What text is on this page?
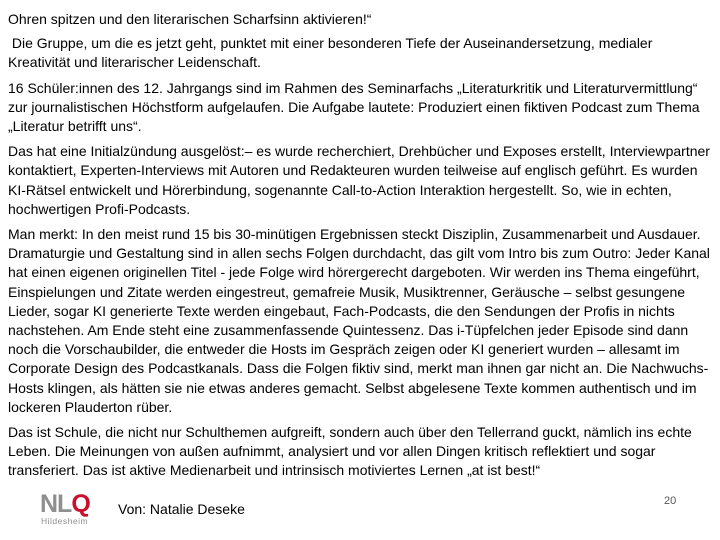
Ohren spitzen und den literarischen Scharfsinn aktivieren!“

Die Gruppe, um die es jetzt geht, punktet mit einer besonderen Tiefe der Auseinandersetzung, medialer Kreativität und literarischer Leidenschaft.

16 Schüler:innen des 12. Jahrgangs sind im Rahmen des Seminarfachs „Literaturkritik und Literaturvermittlung“ zur journalistischen Höchstform aufgelaufen. Die Aufgabe lautete: Produziert einen fiktiven Podcast zum Thema „Literatur betrifft uns“.

Das hat eine Initialzündung ausgelöst:– es wurde recherchiert, Drehbücher und Exposes erstellt, Interviewpartner kontaktiert, Experten-Interviews mit Autoren und Redakteuren wurden teilweise auf englisch geführt. Es wurden KI-Rätsel entwickelt und Hörerbindung, sogenannte Call-to-Action Interaktion hergestellt. So, wie in echten, hochwertigen Profi-Podcasts.

Man merkt: In den meist rund 15 bis 30-minütigen Ergebnissen steckt Disziplin, Zusammenarbeit und Ausdauer. Dramaturgie und Gestaltung sind in allen sechs Folgen durchdacht, das gilt vom Intro bis zum Outro: Jeder Kanal hat einen eigenen originellen Titel - jede Folge wird hörergerecht dargeboten. Wir werden ins Thema eingeführt, Einspielungen und Zitate werden eingestreut, gemafreie Musik, Musiktrenner, Geräusche – selbst gesungene Lieder, sogar KI generierte Texte werden eingebaut, Fach-Podcasts, die den Sendungen der Profis in nichts nachstehen. Am Ende steht eine zusammenfassende Quintessenz. Das i-Tüpfelchen jeder Episode sind dann noch die Vorschaubilder, die entweder die Hosts im Gespräch zeigen oder KI generiert wurden – allesamt im Corporate Design des Podcastkanals. Dass die Folgen fiktiv sind, merkt man ihnen gar nicht an. Die Nachwuchs-Hosts klingen, als hätten sie nie etwas anderes gemacht. Selbst abgelesene Texte kommen authentisch und im lockeren Plauderton rüber.

Das ist Schule, die nicht nur Schulthemen aufgreift, sondern auch über den Tellerrand guckt, nämlich ins echte Leben. Die Meinungen von außen aufnimmt, analysiert und vor allen Dingen kritisch reflektiert und sogar transferiert. Das ist aktive Medienarbeit und intrinsisch motiviertes Lernen „at ist best!“

NLQ
Hildesheim
Von: Natalie Deseke	20
